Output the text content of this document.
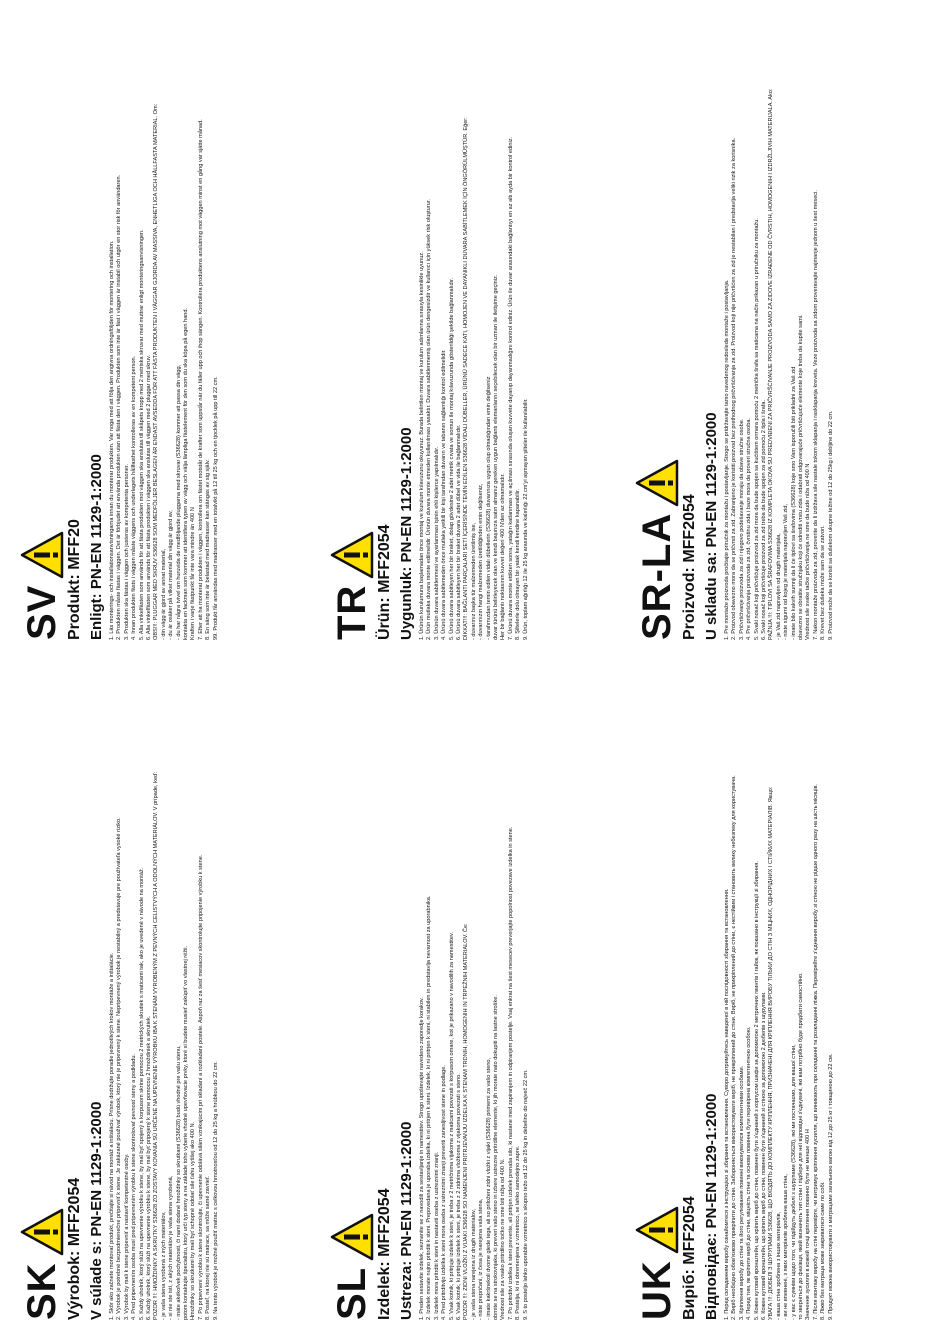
SK Výrobok: MFF2054 V súlade s: PN-EN 1129-1:2000 1. Skôr ako začnete montovať produkt, prečítajte si návod na montáž a inštaláciu. Prísne dodržujte poradie jednotlivých krokov montáže a inštalácie. 2. Výrobok je potrebné bezpodmienečne pripevniť k stene. Je zakázané používať výrobok, ktorý nie je pripevnený k stene. Nepripevnený výrobok je nestabilný a predstavuje pre používateľa vysoké riziko. 3. Výrobok by mali k stene pripevniť a nastaviť kompetentné osoby. 4. Pred pripevnením osoba musí pred pripevnením výrobku k stene skontrolovať pevnosť steny a podkladu. 5. Každý uholník, ktorý slúži na upevnenie výrobku k stene, by mal byť spojený s korpusom skrine pomocou 2 metrických skrutiek s maticami tak, ako je uvedené v návode na montáž. 6. Každý uholník, ktorý slúži na upevnenie výrobku k stene, by mal byť pripojený k stene pomocou 2 hmoždiniek a skrutiek. POZOR !!!: HMOŽDINKY A SKRUTKY S36628 ZO ZOSTAVY KOVANIA SÚ URČENÉ NA UPEVNENIE VÝROBKU IBA K STENÁM VYROBENÝM Z PEVNÝCH CELISTVÝCH A ODOLNÝCH MATERIÁLOV. V prípade, keď: - je vaša stena vyrobená z iných materiálov, - si nie ste istí, z akých materiálov je vaša stena vyrobená, - máte akékoľvek pochybnosti, či nami dodané hmoždinky so skrutkami (S36628) budú vhodné pre vašu stenu, potom kontaktujte špecialistu, ktorý určí typ steny a na základe toho vyberie vhodné upevňovacie prvky, ktoré si budete musieť zakúpiť vo vlastnej réžii. Hmoždinky so skrutkami by mali byť schopné odolať sile ťahu vyššej ako 400 N. 7. Po pripevnení výrobku k stene skontrolujte, či upevnenie odolává silám vznikajúcim pri skladaní a rozkladaní postele. Aspoň raz za šesť mesiacov skontrolujte pripojenie výrobku k stene. 8. Posteľ, na ktorej nie sú matrace, sa môže samé zavrieť. 9. Na tento výrobok je možné použiť matrac s celkovou hmotnosťou od 12 do 25 kg a hrúbkou do 22 cm.	SL Izdelek: MFF2054 Ustreza: PN-EN 1129-1:2000 1. Preden sestavite izdelek, seznanite se z navodili za sestavljanje in namestitev. Strogo upoštevajte navedeno zaporedje korakov. 2. Izdelek morate nujno pritrditi k steni. Prepovedana je uporaba izdelka, ki ni pritrjen k steni. Izdelek, ki ni pritrjen k steni, ni stabilen in predstavlja nevarnost za uporabnika. 3. Izdelek mora pritrditi k steni in nastaviti oseba z ustreznimi znanji. 4. Pred pritrditvijo izdelka k steni mora oseba z ustreznimi znanji preveriti zanesljivost stene in podlage. 5. Vsak kotnik, ki pritrjuje izdelek k steni, je treba z 2 metričnima vijakoma z maticami povezati s korpusom omare, kot je prikazano v navodilih za namestitev. 6. Vsak kotnik, ki pritrjuje izdelek k steni, je treba z 2 zidnima vložkoma z vijakoma povezati s steno. POZOR !!!: ZIDNI VLOŽKI Z VIJAKI S36628 SO NAMENJENI PRITRJEVANJU IZDELKA K STENAM TRDNIH, HOMOGENIH IN TRPEŽNIH MATERIALOV. Če: - je vaša stena narejena iz drugih materialov, - niste prepričani, iz česa je narejena vaša stena, - imate kakršnekoli dvome glede tega, ali so priloženi zidni vložki z vijaki (S36628) primerni za vašo steno, obrnite se na strokovnjaka, ki preveri vašo steno in izbere ustrezne pritrdilne elemente, ki jih morate nato dokupiti na lastne stroške. Vrednost sile za vsako pritrdilno točko ne sme biti nižja od 400 N. 7. Po pritrditvi izdelka k steni preverite, ali pritrjen izdelek prenaša silo, ki nastane med zapiranjem in odpiranjem postelje. Vsaj enkrat na šest mesecev preverjajte popolnost povezave izdelka in stene. 8. Postelja, ki ni obremenjena z vzmetnico, se lahko samodejno zapre. 9. S to posteljo lahko uporabite vzmetnico s skupno težo od 12 do 25 kg in debelino do največ 22 cm.

SR-LA Proizvod: MFF2054 U skladu sa: PN-EN 1129-1:2000 1. Pre montaže proizvoda pročitajte priručnik za montažu i postavljanje. Strogo se pridržavajte tamo navedenog redosleda montaže i postavljanja. 2. Proizvod obavezno mora da se pričvrsti za zid. Zabranjeno je koristiti proizvod bez prethodnog pričvršćivanja za zid. Proizvod koji nije pričvršćen za zid je nestabilan i predstavlja veliki rizik za korisnika. 3. Pričvršćivanje proizvoda za zid i njegovo podešavanje moraju da obave stručne osobe. 4. Pre pričvršćivanja proizvoda za zid, čvrstinu zida i baze mora da proveri stručna osoba. 5. Svaki nosač koji pričvršćuje proizvod za zid mora da bude spojen sa kućištem ormara pomoću 2 metrička šrafa sa maticama na način prikazan u priručniku za montažu. 6. Svaki nosač koji pričvršćuje proizvod za zid treba da bude spojen za zid pomoću 2 tipla i šrafa. PAŽNJA !!!: TIPLOVI SA ŠRAFOVIMA S36628 IZ KOMPLETA OKOVA SU PREDVIĐENI ZA PRIČVRŠĆIVANJE PROIZVODA SAMO ZA ZIDOVE IZRAĐENE OD ČVRSTIH, HOMOGENIH I IZDRŽLJIVIH MATERIJALA. Ako: - je Vaš zid napravljen od drugih materijala, - niste sigurni od kojeg je materijala napravljen Vaš zid, - imate bilo kakvih sumnji da li će tiplovi sa šrafovima (S36628) koje smo Vam isporučili biti prikladni za Vaš zid obavezno se obratite stručnjaku koji će odrediti vrstu zida i odabrati odgovarajuće pričvršćujuće elemente koje treba da kupite sami. Vrednost sile svake tačke pričvršćivanja ne sme da bude niža od 400 N 7. Nakon montaže proizvoda za zid, proverite da li izdržava sile nastale tokom sklapanja i rasklapanja kreveta. Veze proizvoda sa zidom proveravajte najmanje jednom u šest meseci. 8. Krevet bez dušeka može sam da se zatvori. 9. Proizvod može da se koristi sa dušekom ukupne težine od 12 do 25kg i debljine do 22 cm.

SV Produkt: MFF20 Enligt: PN-EN 1129-1:2000 1. Läs monterings- och installationsanvisningarna innan du monterar produkten. Var noga med att följa den angivna ordningsföljden för montering och installation. 2. Produkten måste fästas i väggen. Det är förbjudet att använda produkten utan att fästa den i väggen. Produkten som inte är fäst i väggen är instabil och utgör en stor risk för användaren. 3. Produkten ska fästas i väggen och justeras av kompetenta personer. 4. Innan produkten fästs i väggen måste väggens och underlagets hållfasthet kontrolleras av en kompetent person. 5. Alla vinkelfästen som används för att fästa produkten mot väggen ska anslutas till skåpets kropp med 2 metriska skruvar med muttrar enligt monteringsanvisningen. 6. Alla vinkelfästen som används för att fästa produkten i väggen ska anslutas till väggen med 2 pluggar med skruv. OBS!!!: PLUGGAR MED SKRUV S36628 SOM MEDFÖLJER BESLAGEN ÄR ENDAST AVSEDDA FÖR ATT FÄSTA PRODUKTEN I VÄGGAR GJORDA AV MASSIVA, ENHETLIGA OCH HÅLLFASTA MATERIAL. Om: - din vägg är gjord av annat material, - du är osäker på vilket material din vägg är gjord av, - du har några tvivel om huruvida de medföljande pluggarna med skruvar (S36628) kommer att passa din vägg, kontakta en fackman som kommer att identifiera typen av vägg och välja lämpliga fästelement för den som du ska köpa på egen hand. Kraften i varje fästpunkt får inte vara mindre än 400 N 7. Efter att ha monterat produkten i väggen, kontrollera om fästet motstår de krafter som uppstår när du fäller upp och ihop sängen. Kontrollera produktens anslutning mot väggen minst en gång var sjätte månad. 8. En säng som inte är belastad med madrasser kan stängas av sig själv. 99. Produkt får användas med madrasser med en totalvikt på 12 till 25 kg och en tjocklek på upp till 22 cm.	TR Ürün: MFF2054 Uygunluk: PN-EN 1129-1:2000 1. Ürünün kurulumuna başlamadan önce montaj ve kurulum kılavuzunu okuyunuz. Burada belirtilen montaj ve kurulum adımlarına sırasıyla kesinlikle uyunuz. 2. Ürün mutlaka duvara monte edilmelidir. Ürünün duvara monte etmeden kullanılması yasaktır. Duvara sabitlenmemiş olan ürün dengesizdir ve kullanıcı için yüksek risk oluşturur. 3. Ürünün duvara sabitlenmesi ve ayarlanması işinin ehli kişilerce yapılmalıdır. 4. Ürünü duvara sabitlemeden önce mutlaka yetkili bir kişi tarafından duvarın ve tabanın sağlamlığı kontrol edilmelidir. 5. Ürünü duvara sabitleyen her bir braket, dolap gövdesine 2 adet metrik cıvata ve somun ile montaj kılavuzunda gösterildiği şekilde bağlanmalıdır. 6. Ürünü duvara sabitleyen her bir braket duvara 2 adet dübel ve vida ile bağlanmalıdır. DİKKAT!!!: BAĞLANTI PARÇALARI SETİ İÇERİSİNDE TEMİN EDİLEN S36628 VİDALI DÜBELLER, ÜRÜNÜ SADECE KATI, HOMOJEN VE DAYANIKLI DUVARA SABİTLEMEK İÇİN ÖNGÖRÜLMÜŞTÜR. Eğer: - duvarınız başka tür malzemeden üretilmiş ise, - duvarınızın hangi malzemeden üretildiğinden emin değilseniz, - tarafımızdan temin edilen vidalı dübellerin (S36628) duvarınıza uygun olup olmadığından emin değilseniz duvar türünü belirleyecek olan ve kendi başınıza satın almanız gereken uygun bağlantı elemanlarını seçebilecek olan bir uzman ile iletişime geçiniz. Her bir bağlantı noktasının kuvvet değeri 400 N'den az olmamalıdır. 7. Ürünü duvara monte ettikten sonra, yatağın katlanması ve açılması sırasında oluşan kuvvete dayanıp dayanmadığını kontrol ediniz. Ürün ile duvar arasındaki bağlantıyı en az altı ayda bir kontrol ediniz. 8. Şiltelerle dolu olmayan bir yatak kendi kendine kapanabilir. 9. Ürün, toplam ağırlığı 12 ile 25 kg arasında ve kalınlığı 22 cm'yi aşmayan şilteler ile kullanılabilir.

UK Виріб: MFF2054 Відповідає: PN-EN 1129-1:2000 1. Перед складанням виробу ознайомтеся з інструкцією зі збирання та встановлення. Суворо дотримуйтесь наведеної в ній послідовності збирання та встановлення. 2. Виріб необхідно обов'язково прикріпити до стіни. Забороняється використовувати виріб, не прикріплений до стіни. Виріб, не прикріплений до стіни, є нестійким і становить велику небезпеку для користувача. 3. Кріплення виробу до стіни та його регулювання повинні виконуватися компетентними особами. 4. Перед тим, як кріпити виріб до стіни, міцність стіни та основи повинна бути перевірена компетентною особою. 5. Кожен кутовий кронштейн, що кріпить виріб до стіни, повинен бути з'єднаний з корпусом шафи за допомогою 2 метричних гвинтів і гайок, як показано в інструкції зі збирання. 6. Кожен кутовий кронштейн, що кріпить виріб до стіни, повинен бути з'єднаний зі стіною за допомогою 2 дюбелів з шурупами. УВАГА !!!: ДЮБЕЛІ З ШУРУПАМИ S36628, ЩО ВХОДЯТЬ ДО КОМПЛЕКТУ КРІПЛЕННЯ, ПРИЗНАЧЕНІ ДЛЯ КРІПЛЕННЯ ВИРОБУ ТІЛЬКИ ДО СТІН З МІЦНИХ, ОДНОРІДНИХ І СТІЙКИХ МАТЕРІАЛІВ. Якщо: - ваша стіна зроблена з інших матеріалів, - ви не впевнені, з яких матеріалів зроблена ваша стіна, - у вас є сумніви щодо того, чи підійдуть дюбелі з шурупами (S36628), які ми постачаємо, для вашої стіни, то зверніться до фахівця, який визначить тип стіни і підбере для неї відповідні з'єднувачі, які вам потрібно буде придбати самостійно. Значення зусилля в кожній точці кріплення повинно бути не менше 400 Н 7. Після монтажу виробу на стіні перевірте, чи витримує кріплення зусилля, що виникають при складанні та розкладанні ліжка. Перевіряйте з'єднання виробу зі стіною не рідше одного разу на шість місяців. 8. Ліжко без матраца може закриватися саме по собі. 9. Продукт можна використовувати з матрацами загальною вагою від 12 до 25 кг і товщиною до 22 см.
